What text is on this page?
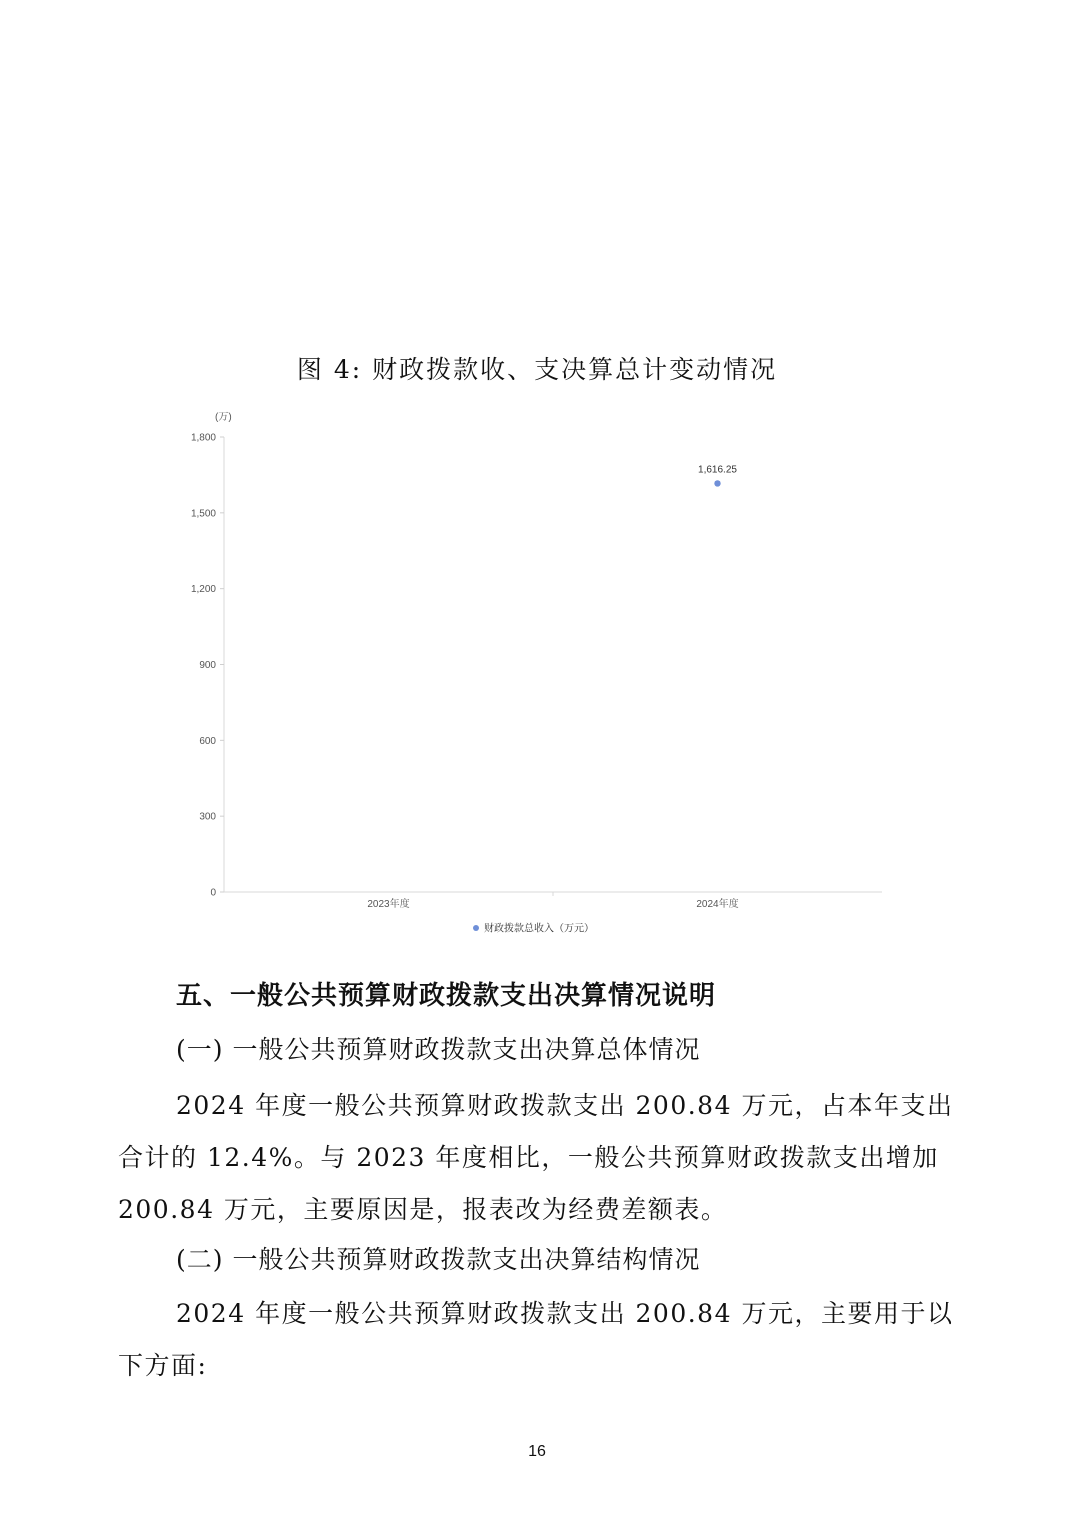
图 4: 财政拨款收、支决算总计变动情况
(万)
0
300
600
900
1,200
1,500
1,800
2023年度	2024年度
1,616.25
财政拨款总收入（万元）
五、一般公共预算财政拨款支出决算情况说明
(一) 一般公共预算财政拨款支出决算总体情况

2024 年度一般公共预算财政拨款支出 200.84 万元，占本年支出合计的 12.4%。与 2023 年度相比，一般公共预算财政拨款支出增加 200.84 万元，主要原因是，报表改为经费差额表。

(二) 一般公共预算财政拨款支出决算结构情况

2024 年度一般公共预算财政拨款支出 200.84 万元，主要用于以下方面:

16
